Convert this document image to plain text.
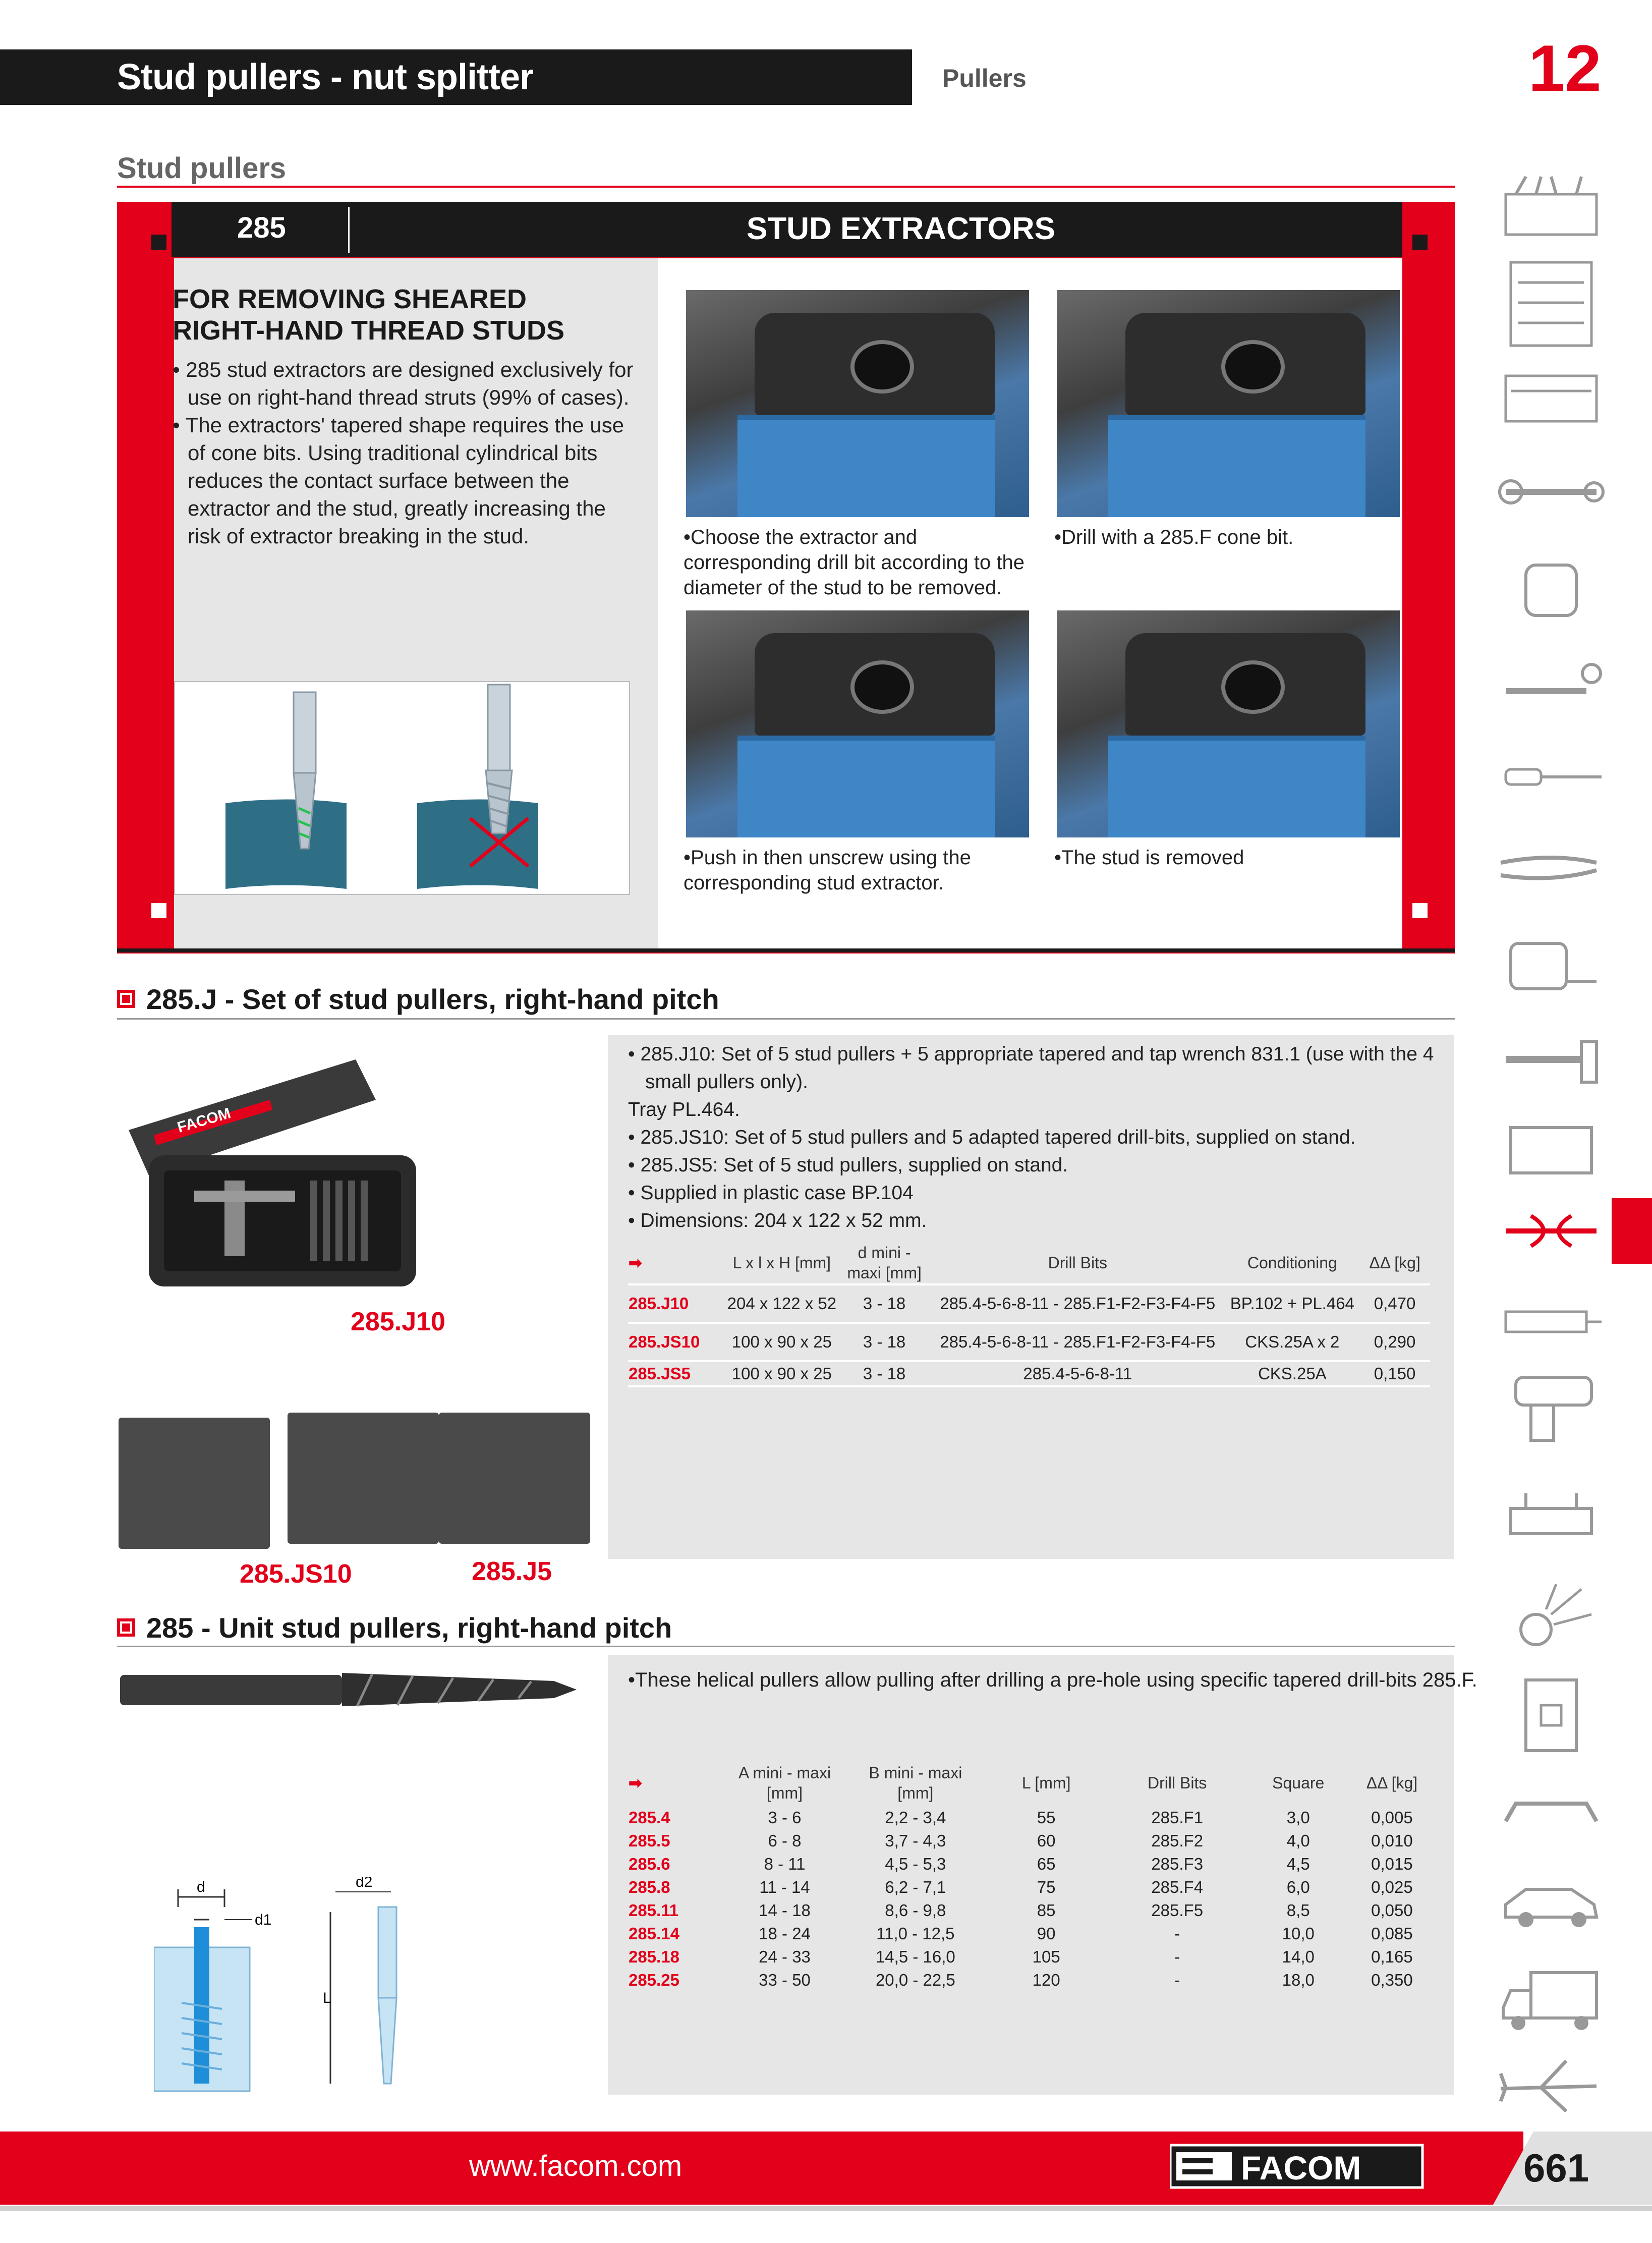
Stud pullers - nut splitter	Pullers	12
Stud pullers
285	STUD EXTRACTORS
FOR REMOVING SHEARED
RIGHT-HAND THREAD STUDS
• 285 stud extractors are designed exclusively for use on right-hand thread struts (99% of cases).
• The extractors' tapered shape requires the use of cone bits. Using traditional cylindrical bits reduces the contact surface between the extractor and the stud, greatly increasing the risk of extractor breaking in the stud.	• Choose the extractor and corresponding drill bit according to the diameter of the stud to be removed.
• Drill with a 285.F cone bit.
• Push in then unscrew using the corresponding stud extractor.
• The stud is removed
285.J - Set of stud pullers, right-hand pitch
• 285.J10: Set of 5 stud pullers + 5 appropriate tapered and tap wrench 831.1 (use with the 4
small pullers only).
Tray PL.464.
• 285.JS10: Set of 5 stud pullers and 5 adapted tapered drill-bits, supplied on stand.
• 285.JS5: Set of 5 stud pullers, supplied on stand.
• Supplied in plastic case BP.104
• Dimensions: 204 x 122 x 52 mm.
FACOM
285.J10
285.JS10	285.J5
➡	L x l x H [mm]	d mini - maxi [mm]	Drill Bits	Conditioning	ΔΔ [kg]
285.J10	204 x 122 x 52	3 - 18	285.4-5-6-8-11 - 285.F1-F2-F3-F4-F5	BP.102 + PL.464	0,470
285.JS10	100 x 90 x 25	3 - 18	285.4-5-6-8-11 - 285.F1-F2-F3-F4-F5	CKS.25A x 2	0,290
285.JS5	100 x 90 x 25	3 - 18	285.4-5-6-8-11	CKS.25A	0,150
285 - Unit stud pullers, right-hand pitch
• These helical pullers allow pulling after drilling a pre-hole using specific tapered drill-bits 285.F.
➡	A mini - maxi [mm]	B mini - maxi [mm]	L [mm]	Drill Bits	Square	ΔΔ [kg]
285.4	3 - 6	2,2 - 3,4	55	285.F1	3,0	0,005
285.5	6 - 8	3,7 - 4,3	60	285.F2	4,0	0,010
285.6	8 - 11	4,5 - 5,3	65	285.F3	4,5	0,015
285.8	11 - 14	6,2 - 7,1	75	285.F4	6,0	0,025
285.11	14 - 18	8,6 - 9,8	85	285.F5	8,5	0,050
285.14	18 - 24	11,0 - 12,5	90	-	10,0	0,085
285.18	24 - 33	14,5 - 16,0	105	-	14,0	0,165
285.25	33 - 50	20,0 - 22,5	120	-	18,0	0,350
d
d1
d2
L
www.facom.com	FACOM	661
